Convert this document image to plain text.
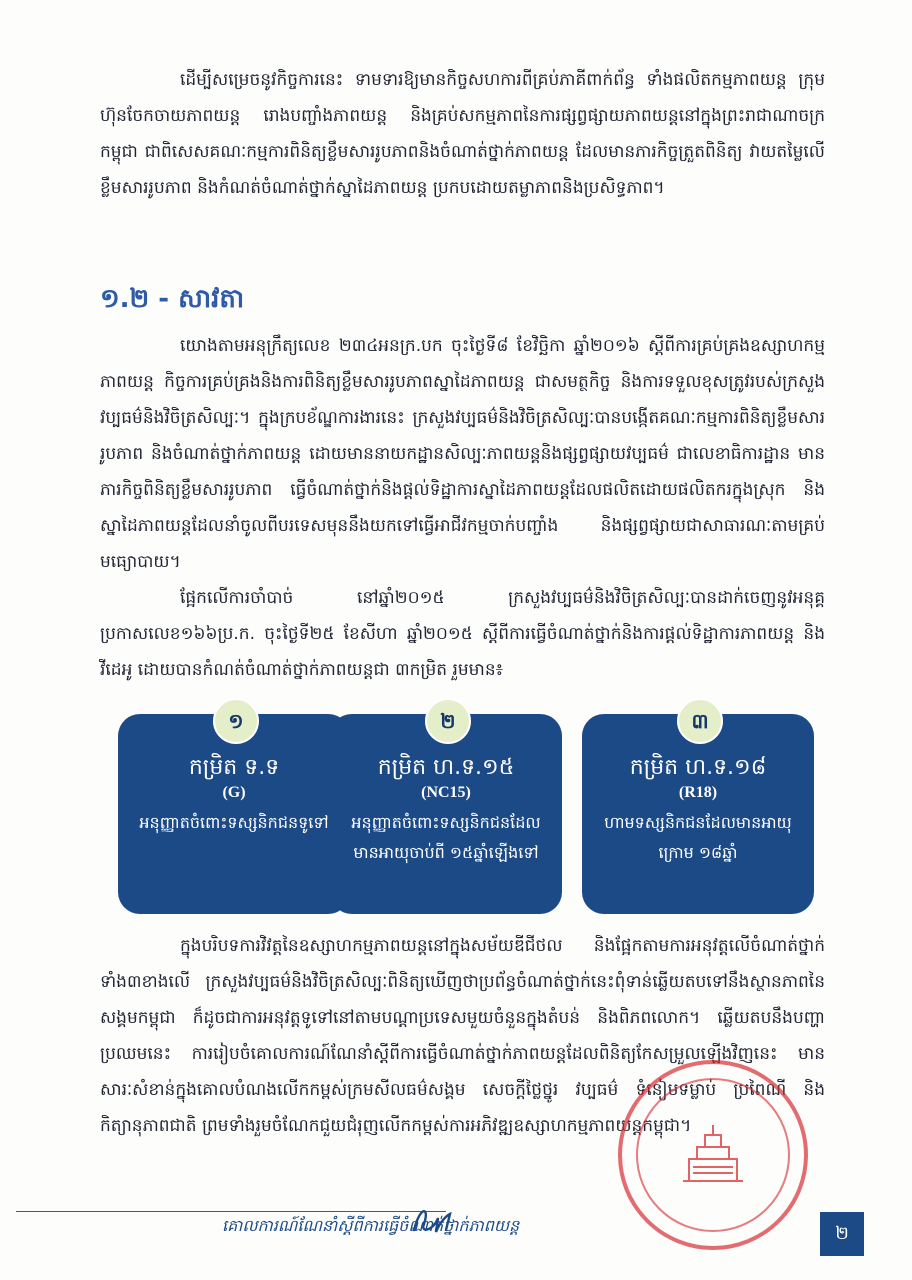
ដើម្បីសម្រេចនូវកិច្ចការនេះ ទាមទារឱ្យមានកិច្ចសហការពីគ្រប់ភាគីពាក់ព័ន្ធ ទាំងផលិតកម្មភាពយន្ត ក្រុមហ៊ុនចែកចាយភាពយន្ត រោងបញ្ចាំងភាពយន្ត និងគ្រប់សកម្មភាពនៃការផ្សព្វផ្សាយភាពយន្តនៅក្នុងព្រះរាជាណាចក្រកម្ពុជា ជាពិសេសគណៈកម្មការពិនិត្យខ្លឹមសាររូបភាពនិងចំណាត់ថ្នាក់ភាពយន្ត ដែលមានភារកិច្ចត្រួតពិនិត្យ វាយតម្លៃលើខ្លឹមសាររូបភាព និងកំណត់ចំណាត់ថ្នាក់ស្នាដៃភាពយន្ត ប្រកបដោយតម្លាភាពនិងប្រសិទ្ធភាព។

១.២ - សាវតា

យោងតាមអនុក្រឹត្យលេខ ២៣៤អនក្រ.បក ចុះថ្ងៃទី៨ ខែវិច្ឆិកា ឆ្នាំ២០១៦ ស្តីពីការគ្រប់គ្រងឧស្សាហកម្មភាពយន្ត កិច្ចការគ្រប់គ្រងនិងការពិនិត្យខ្លឹមសាររូបភាពស្នាដៃភាពយន្ត ជាសមត្ថកិច្ច និងការទទួលខុសត្រូវរបស់ក្រសួងវប្បធម៌និងវិចិត្រសិល្បៈ។ ក្នុងក្របខ័ណ្ឌការងារនេះ ក្រសួងវប្បធម៌និងវិចិត្រសិល្បៈបានបង្កើតគណៈកម្មការពិនិត្យខ្លឹមសាររូបភាព និងចំណាត់ថ្នាក់ភាពយន្ត ដោយមាននាយកដ្ឋានសិល្បៈភាពយន្តនិងផ្សព្វផ្សាយវប្បធម៌ ជាលេខាធិការដ្ឋាន មានភារកិច្ចពិនិត្យខ្លឹមសាររូបភាព ធ្វើចំណាត់ថ្នាក់និងផ្តល់ទិដ្ឋាការស្នាដៃភាពយន្តដែលផលិតដោយផលិតករក្នុងស្រុក និងស្នាដៃភាពយន្តដែលនាំចូលពីបរទេសមុននឹងយកទៅធ្វើអាជីវកម្មចាក់បញ្ចាំង និងផ្សព្វផ្សាយជាសាធារណៈតាមគ្រប់មធ្យោបាយ។

ផ្អែកលើការចាំបាច់ នៅឆ្នាំ២០១៥ ក្រសួងវប្បធម៌និងវិចិត្រសិល្បៈបានដាក់ចេញនូវអនុគ្គប្រកាសលេខ១៦៦ប្រ.ក. ចុះថ្ងៃទី២៥ ខែសីហា ឆ្នាំ២០១៥ ស្តីពីការធ្វើចំណាត់ថ្នាក់និងការផ្តល់ទិដ្ឋាការភាពយន្ត និងវីដេអូ ដោយបានកំណត់ចំណាត់ថ្នាក់ភាពយន្តជា ៣កម្រិត រួមមាន៖

១
កម្រិត ទ.ទ
(G)
អនុញ្ញាតចំពោះទស្សនិកជនទូទៅ
២
កម្រិត ហ.ទ.១៥
(NC15)
អនុញ្ញាតចំពោះទស្សនិកជនដែលមានអាយុចាប់ពី ១៥ឆ្នាំឡើងទៅ
៣
កម្រិត ហ.ទ.១៨
(R18)
ហាមទស្សនិកជនដែលមានអាយុក្រោម ១៨ឆ្នាំ

ក្នុងបរិបទការវិវត្តនៃឧស្សាហកម្មភាពយន្តនៅក្នុងសម័យឌីជីថល និងផ្អែកតាមការអនុវត្តលើចំណាត់ថ្នាក់ទាំង៣ខាងលើ ក្រសួងវប្បធម៌និងវិចិត្រសិល្បៈពិនិត្យឃើញថាប្រព័ន្ធចំណាត់ថ្នាក់នេះពុំទាន់ឆ្លើយតបទៅនឹងស្ថានភាពនៃសង្គមកម្ពុជា ក៏ដូចជាការអនុវត្តទូទៅនៅតាមបណ្តាប្រទេសមួយចំនួនក្នុងតំបន់ និងពិភពលោក។ ឆ្លើយតបនឹងបញ្ហាប្រឈមនេះ ការរៀបចំគោលការណ៍ណែនាំស្តីពីការធ្វើចំណាត់ថ្នាក់ភាពយន្តដែលពិនិត្យកែសម្រួលឡើងវិញនេះ មានសារៈសំខាន់ក្នុងគោលបំណងលើកកម្ពស់ក្រមសីលធម៌សង្គម សេចក្តីថ្លៃថ្នូរ វប្បធម៌ ទំនៀមទម្លាប់ ប្រពៃណី និងកិត្យានុភាពជាតិ ព្រមទាំងរួមចំណែកជួយជំរុញលើកកម្ពស់ការអភិវឌ្ឍឧស្សាហកម្មភាពយន្តកម្ពុជា។

គោលការណ៍ណែនាំស្តីពីការធ្វើចំណាត់ថ្នាក់ភាពយន្ត	២
